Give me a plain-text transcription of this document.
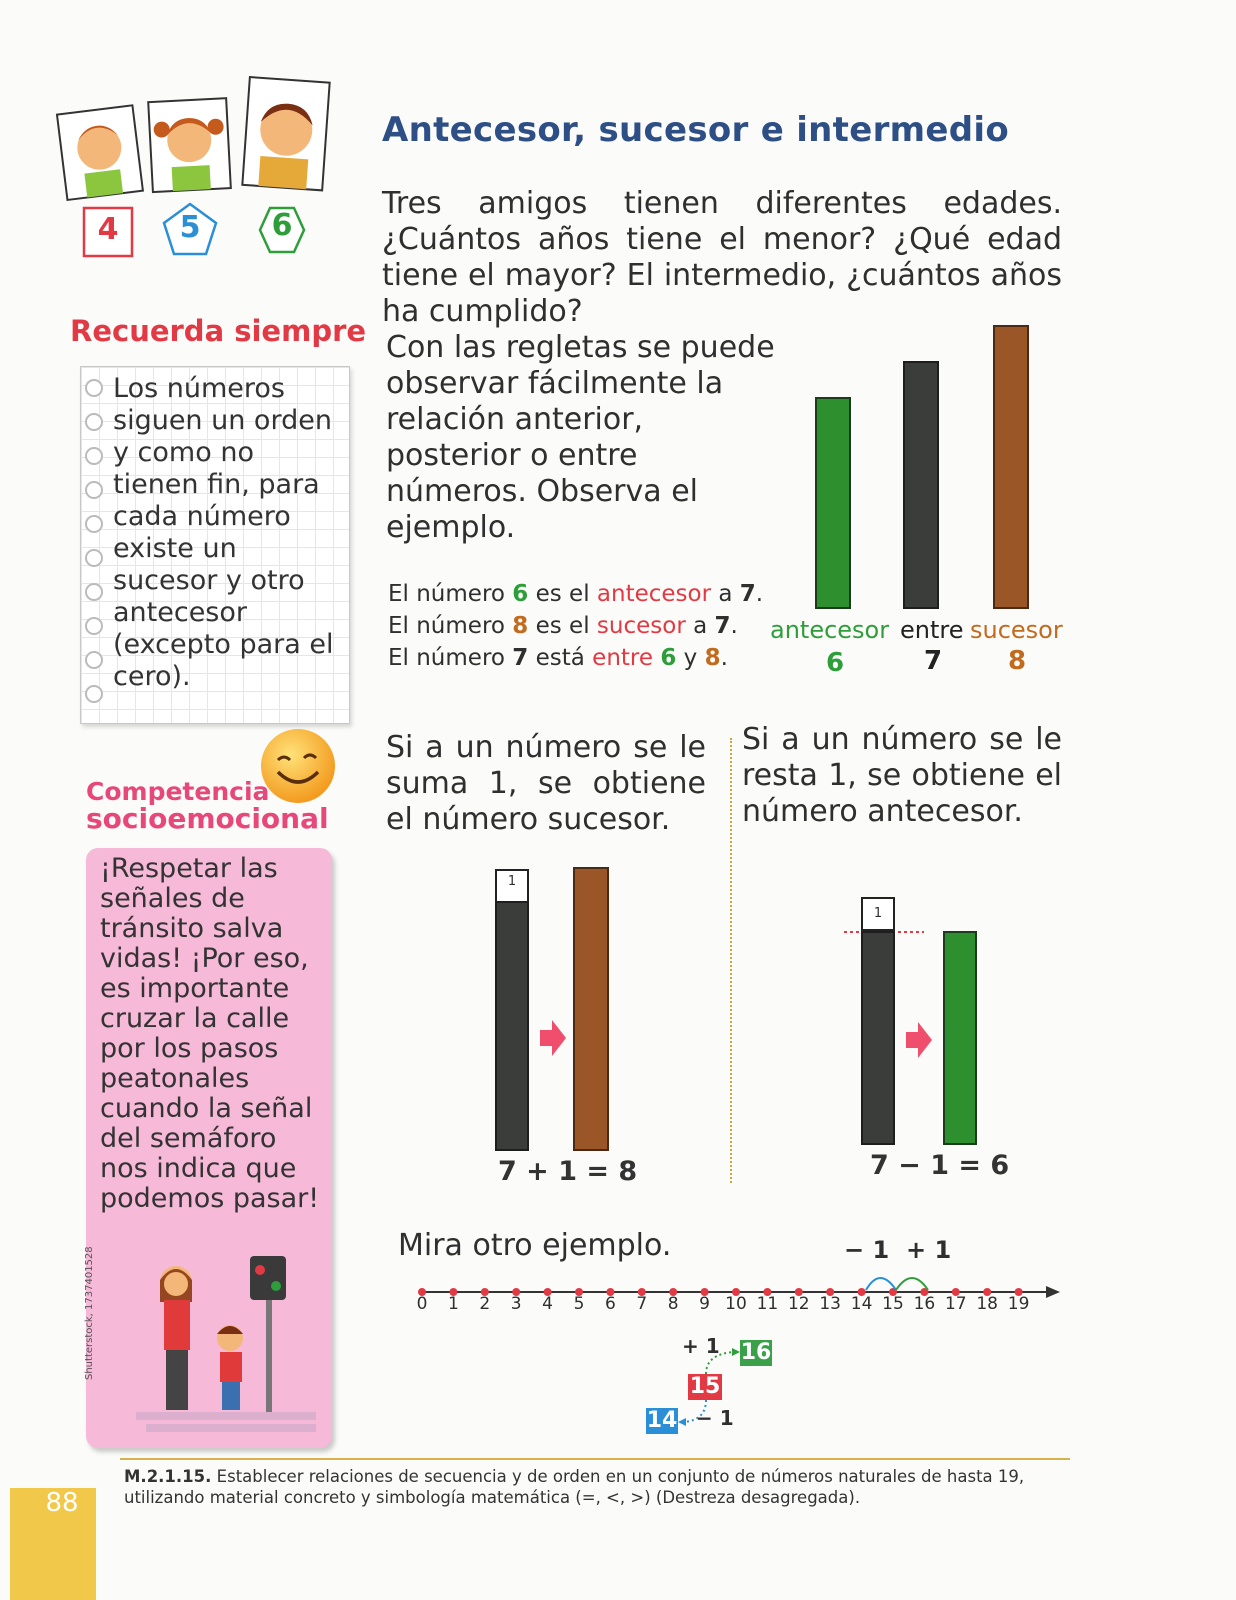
Antecesor, sucesor e intermedio
4	5	6
Tres amigos tienen diferentes edades. ¿Cuántos años tiene el menor? ¿Qué edad tiene el mayor? El intermedio, ¿cuántos años ha cumplido?
Con las regletas se puede observar fácilmente la relación anterior, posterior o entre números. Observa el ejemplo.
El número 6 es el antecesor a 7.
El número 8 es el sucesor a 7.
El número 7 está entre 6 y 8.
antecesor entre sucesor
6	7	8
Recuerda siempre
Los números siguen un orden y como no tienen fin, para cada número existe un sucesor y otro antecesor (excepto para el cero).
Competencia
socioemocional
¡Respetar las señales de tránsito salva vidas! ¡Por eso, es importante cruzar la calle por los pasos peatonales cuando la señal del semáforo nos indica que podemos pasar!
Shutterstock, 1737401528
Si a un número se le suma 1, se obtiene el número sucesor.
Si a un número se le resta 1, se obtiene el número antecesor.
1
7 + 1 = 8
1
7 − 1 = 6
Mira otro ejemplo.
0	1	2	3	4	5	6	7	8	9 10 11 12 13 14 15 16 17 18 19
− 1 + 1
+ 1 16
15
14 − 1
M.2.1.15. Establecer relaciones de secuencia y de orden en un conjunto de números naturales de hasta 19, utilizando material concreto y simbología matemática (=, <, >) (Destreza desagregada).
88
